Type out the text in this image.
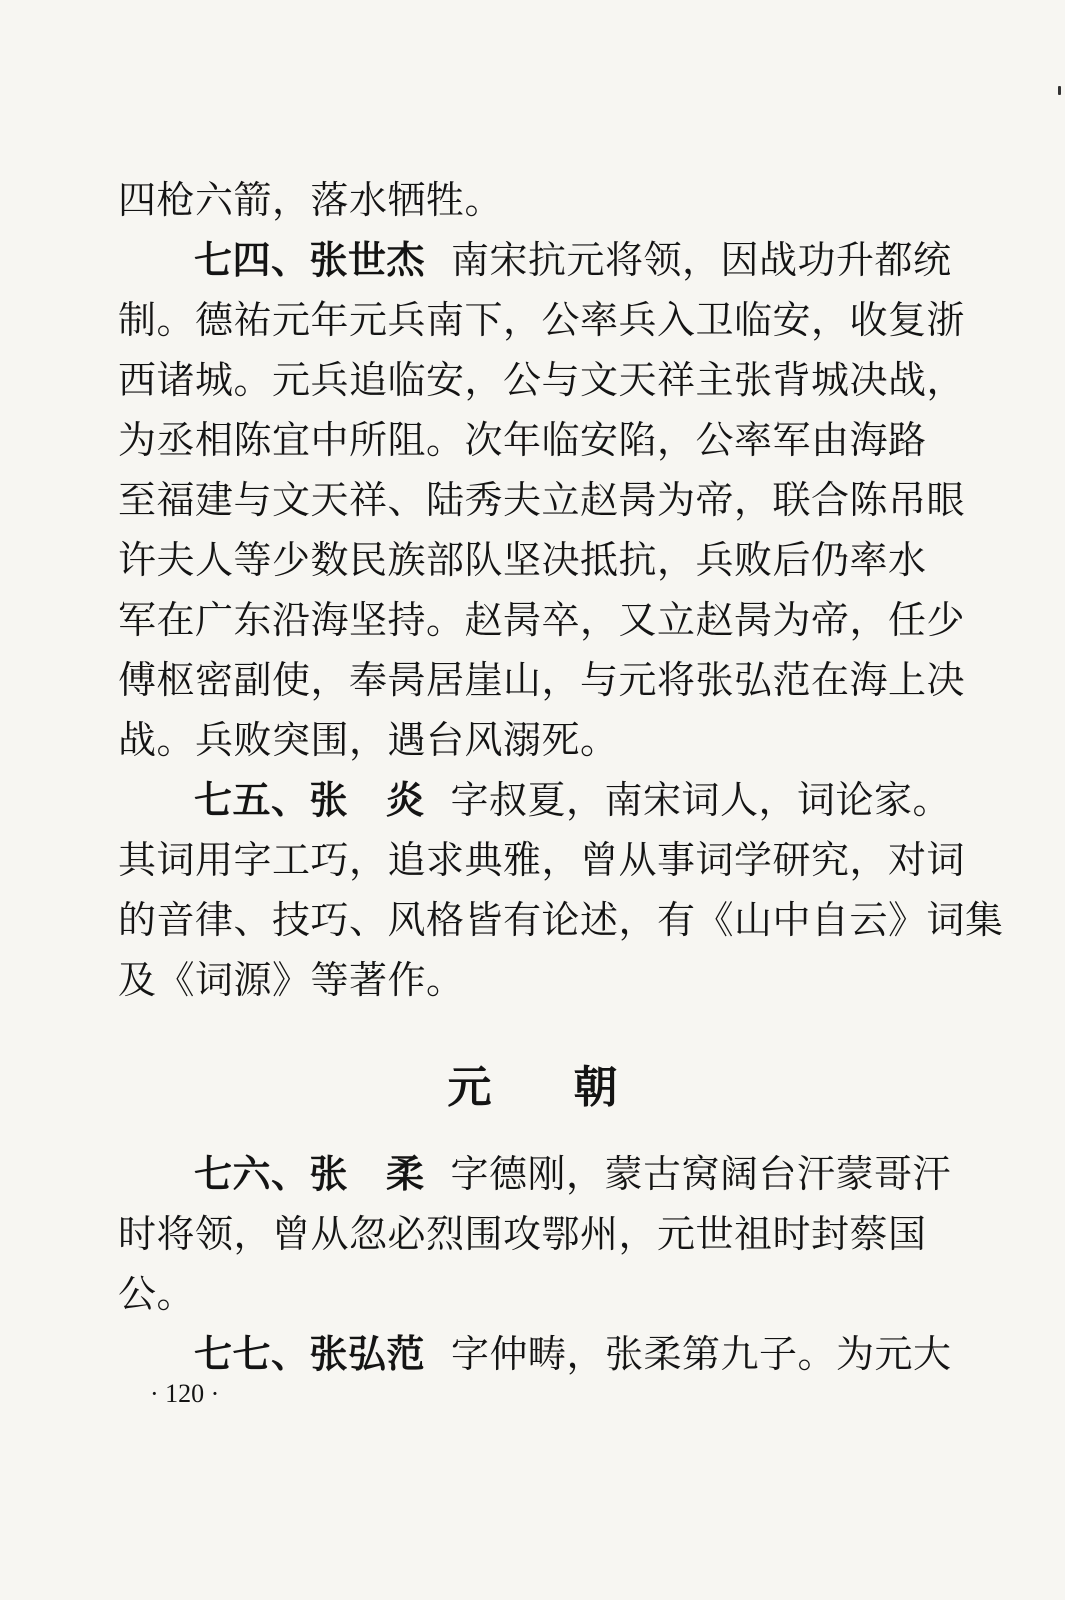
四枪六箭，落水牺牲。
七四、张世杰 南宋抗元将领，因战功升都统
制。德祐元年元兵南下，公率兵入卫临安，收复浙
西诸城。元兵追临安，公与文天祥主张背城决战，
为丞相陈宜中所阻。次年临安陷，公率军由海路
至福建与文天祥、陆秀夫立赵昺为帝，联合陈吊眼
许夫人等少数民族部队坚决抵抗，兵败后仍率水
军在广东沿海坚持。赵昺卒，又立赵昺为帝，任少
傅枢密副使，奉昺居崖山，与元将张弘范在海上决
战。兵败突围，遇台风溺死。
七五、张 炎 字叔夏，南宋词人，词论家。
其词用字工巧，追求典雅，曾从事词学研究，对词
的音律、技巧、风格皆有论述，有《山中自云》词集
及《词源》等著作。
元 朝
七六、张 柔 字德刚，蒙古窝阔台汗蒙哥汗
时将领，曾从忽必烈围攻鄂州，元世祖时封蔡国
公。
七七、张弘范 字仲畴，张柔第九子。为元大
· 120 ·
